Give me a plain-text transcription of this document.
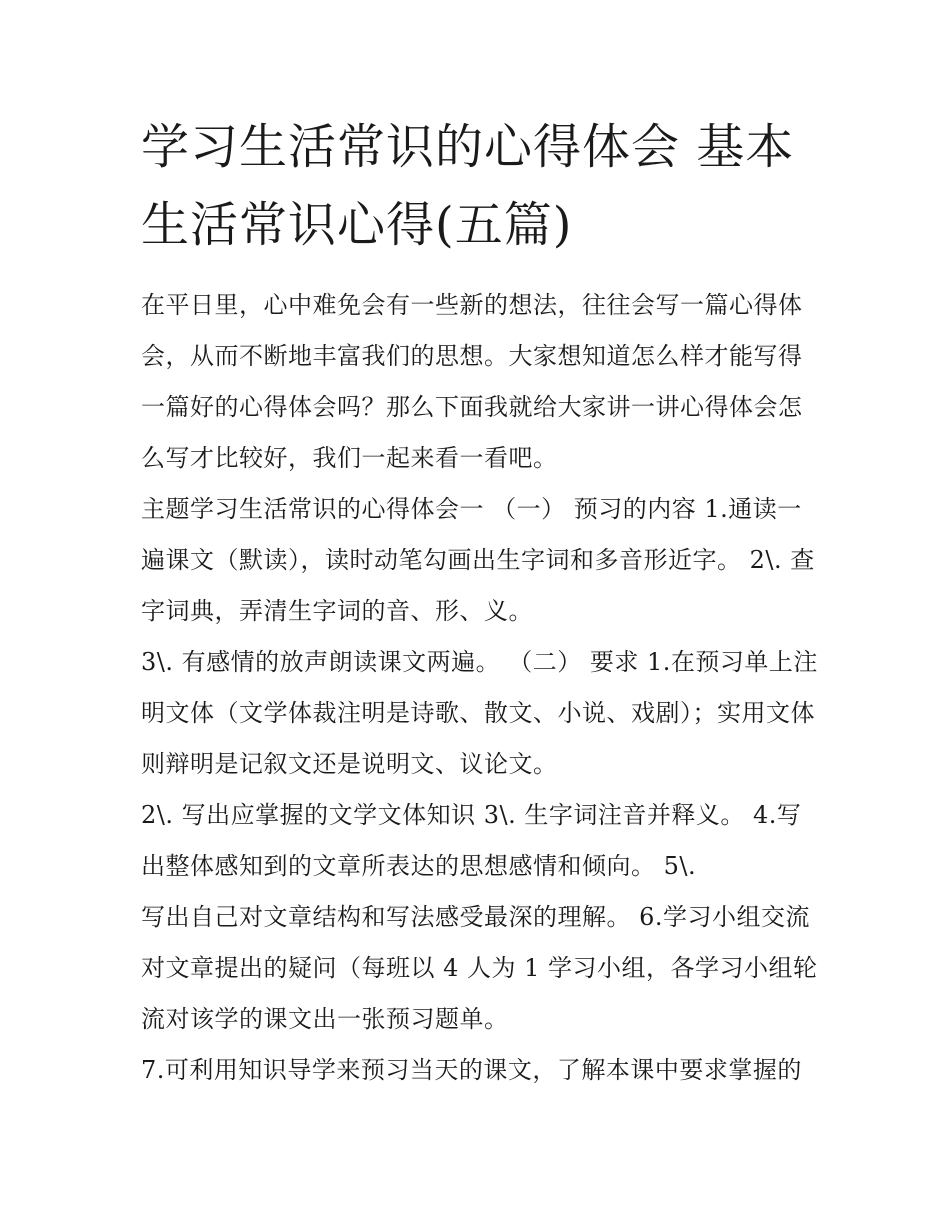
学习生活常识的心得体会 基本生活常识心得(五篇)

在平日里，心中难免会有一些新的想法，往往会写一篇心得体会，从而不断地丰富我们的思想。大家想知道怎么样才能写得一篇好的心得体会吗？那么下面我就给大家讲一讲心得体会怎么写才比较好，我们一起来看一看吧。

主题学习生活常识的心得体会一 （一） 预习的内容 1.通读一遍课文（默读），读时动笔勾画出生字词和多音形近字。 2\. 查字词典，弄清生字词的音、形、义。

3\. 有感情的放声朗读课文两遍。 （二） 要求 1.在预习单上注明文体（文学体裁注明是诗歌、散文、小说、戏剧）；实用文体则辩明是记叙文还是说明文、议论文。

2\. 写出应掌握的文学文体知识 3\. 生字词注音并释义。 4.写出整体感知到的文章所表达的思想感情和倾向。 5\.

写出自己对文章结构和写法感受最深的理解。 6.学习小组交流对文章提出的疑问（每班以 4 人为 1 学习小组，各学习小组轮流对该学的课文出一张预习题单。

7.可利用知识导学来预习当天的课文，了解本课中要求掌握的
